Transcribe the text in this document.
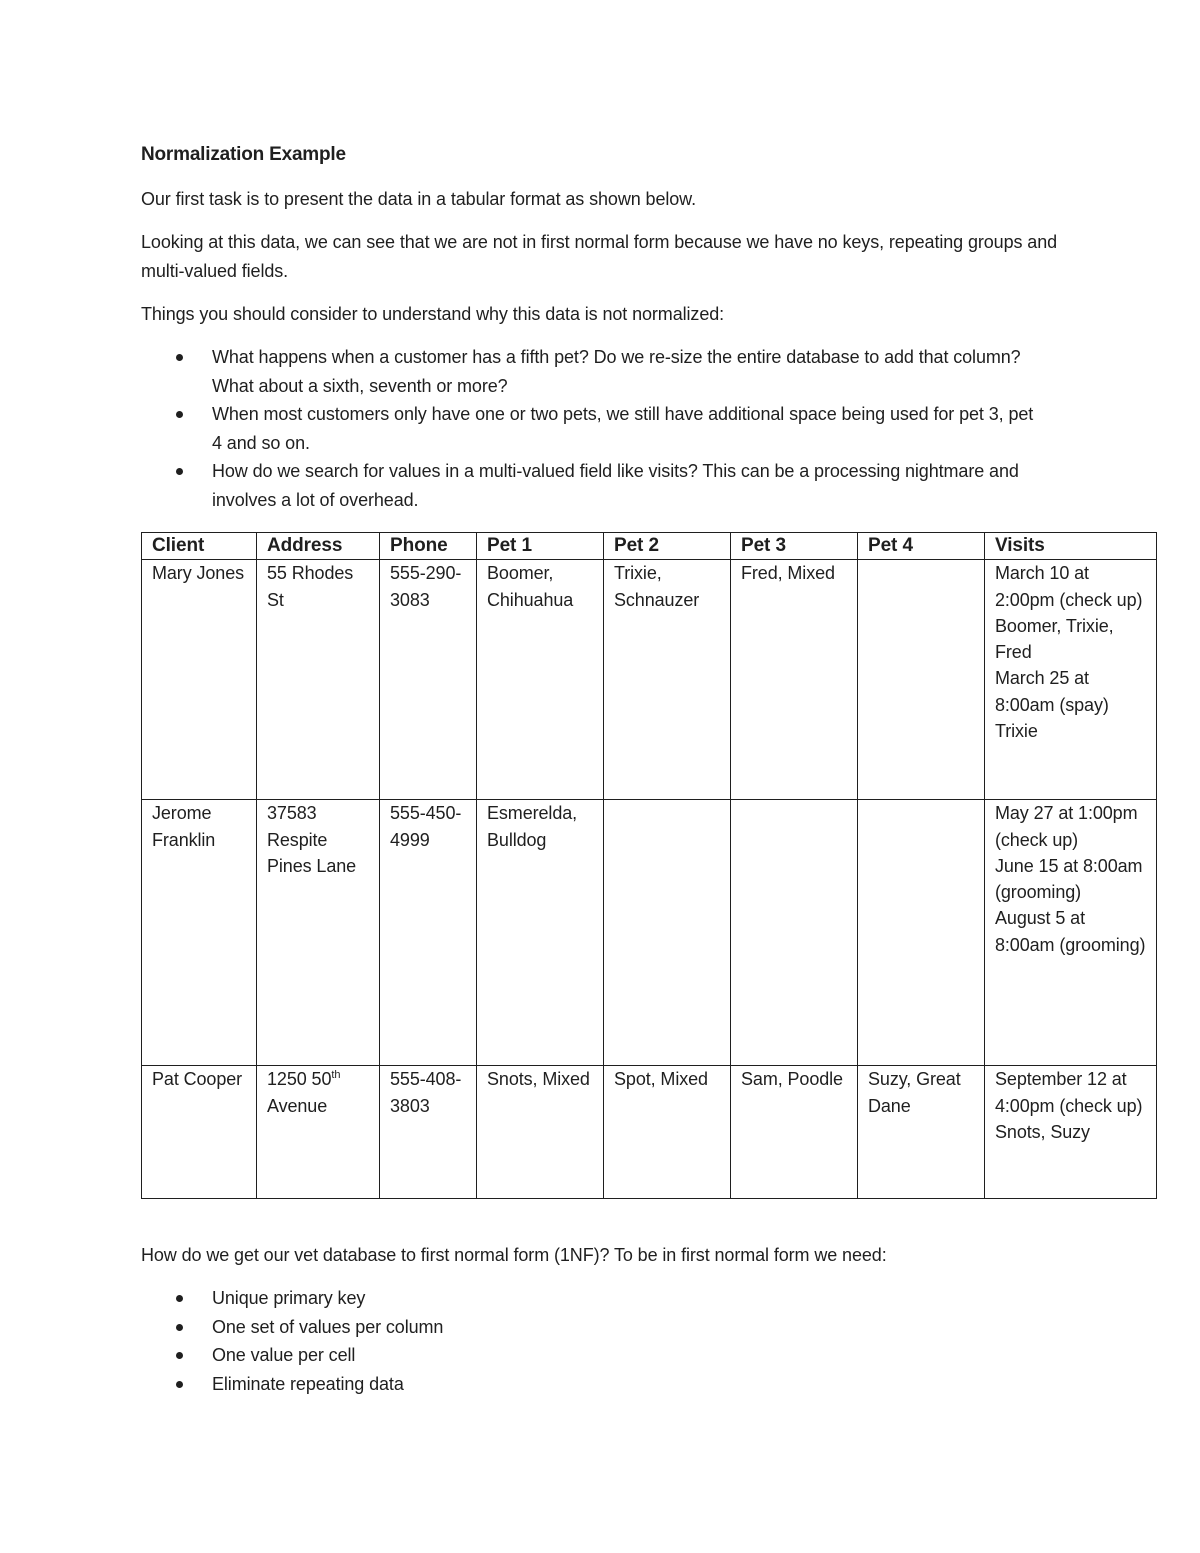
Normalization Example

Our first task is to present the data in a tabular format as shown below.

Looking at this data, we can see that we are not in first normal form because we have no keys, repeating groups and multi-valued fields.

Things you should consider to understand why this data is not normalized:

What happens when a customer has a fifth pet? Do we re-size the entire database to add that column? What about a sixth, seventh or more?
When most customers only have one or two pets, we still have additional space being used for pet 3, pet 4 and so on.
How do we search for values in a multi-valued field like visits? This can be a processing nightmare and involves a lot of overhead.
Client	Address	Phone	Pet 1	Pet 2	Pet 3	Pet 4	Visits
Mary Jones	55 Rhodes St	555-290-3083	Boomer, Chihuahua	Trixie, Schnauzer	Fred, Mixed		March 10 at 2:00pm (check up)
Boomer, Trixie, Fred
March 25 at 8:00am (spay)
Trixie

Jerome Franklin	37583 Respite Pines Lane	555-450-4999	Esmerelda, Bulldog				May 27 at 1:00pm (check up)
June 15 at 8:00am (grooming)
August 5 at 8:00am (grooming)

Pat Cooper	1250 50th Avenue	555-408-3803	Snots, Mixed	Spot, Mixed	Sam, Poodle	Suzy, Great Dane	September 12 at 4:00pm (check up)
Snots, Suzy

How do we get our vet database to first normal form (1NF)? To be in first normal form we need:

Unique primary key
One set of values per column
One value per cell
Eliminate repeating data
